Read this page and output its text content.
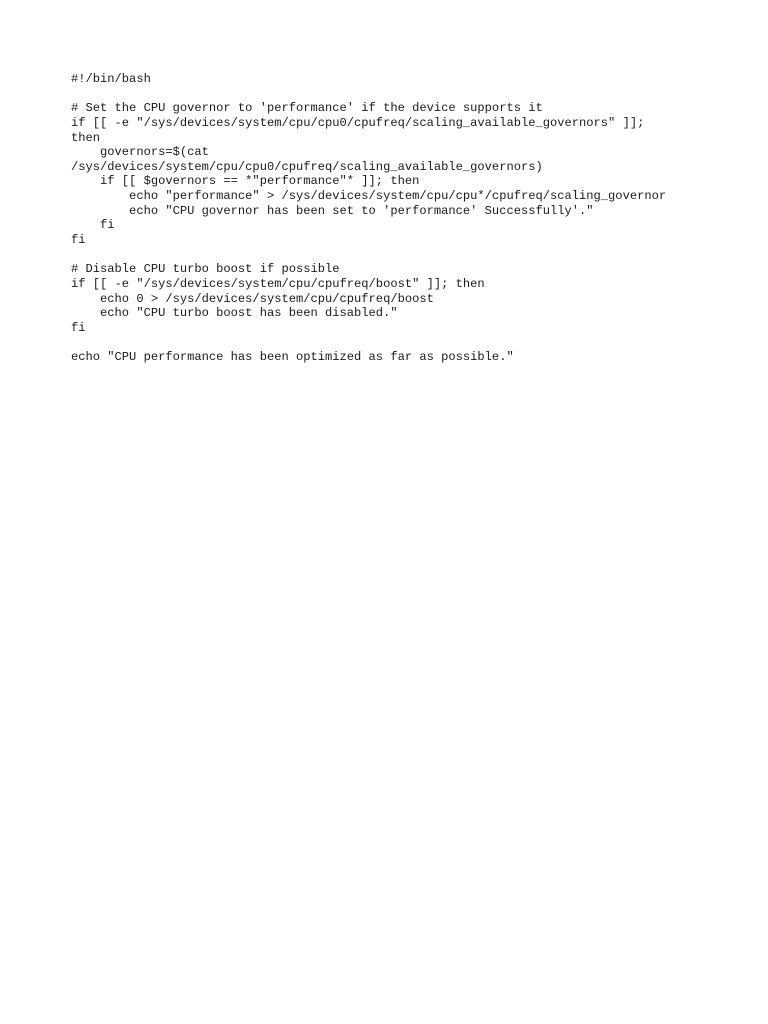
#!/bin/bash
# Set the CPU governor to 'performance' if the device supports it
if [[ -e "/sys/devices/system/cpu/cpu0/cpufreq/scaling_available_governors" ]];
then
governors=$(cat
/sys/devices/system/cpu/cpu0/cpufreq/scaling_available_governors)
if [[ $governors == *"performance"* ]]; then
echo "performance" > /sys/devices/system/cpu/cpu*/cpufreq/scaling_governor
echo "CPU governor has been set to 'performance' Successfully'."
fi
fi
# Disable CPU turbo boost if possible
if [[ -e "/sys/devices/system/cpu/cpufreq/boost" ]]; then
echo 0 > /sys/devices/system/cpu/cpufreq/boost
echo "CPU turbo boost has been disabled."
fi
echo "CPU performance has been optimized as far as possible."
